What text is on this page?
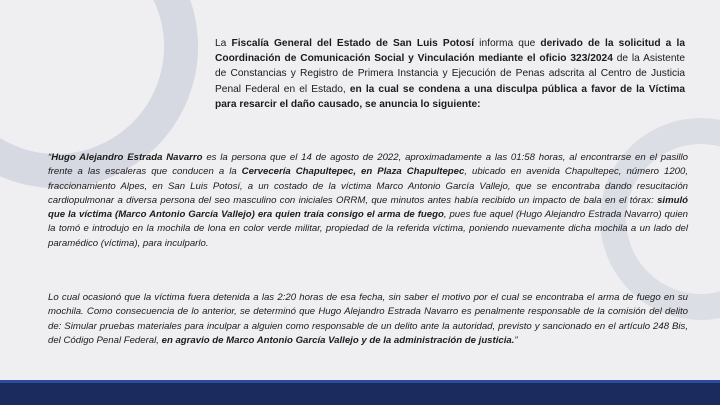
La Fiscalía General del Estado de San Luis Potosí informa que derivado de la solicitud a la Coordinación de Comunicación Social y Vinculación mediante el oficio 323/2024 de la Asistente de Constancias y Registro de Primera Instancia y Ejecución de Penas adscrita al Centro de Justicia Penal Federal en el Estado, en la cual se condena a una disculpa pública a favor de la Víctima para resarcir el daño causado, se anuncia lo siguiente:
“Hugo Alejandro Estrada Navarro es la persona que el 14 de agosto de 2022, aproximadamente a las 01:58 horas, al encontrarse en el pasillo frente a las escaleras que conducen a la Cervecería Chapultepec, en Plaza Chapultepec, ubicado en avenida Chapultepec, número 1200, fraccionamiento Alpes, en San Luis Potosí, a un costado de la víctima Marco Antonio García Vallejo, que se encontraba dando resucitación cardiopulmonar a diversa persona del seo masculino con iniciales ORRM, que minutos antes había recibido un impacto de bala en el tórax: simuló que la víctima (Marco Antonio García Vallejo) era quien traía consigo el arma de fuego, pues fue aquel (Hugo Alejandro Estrada Navarro) quien la tomó e introdujo en la mochila de lona en color verde militar, propiedad de la referida víctima, poniendo nuevamente dicha mochila a un lado del paramédico (víctima), para inculparlo.
Lo cual ocasionó que la víctima fuera detenida a las 2:20 horas de esa fecha, sin saber el motivo por el cual se encontraba el arma de fuego en su mochila. Como consecuencia de lo anterior, se determinó que Hugo Alejandro Estrada Navarro es penalmente responsable de la comisión del delito de: Simular pruebas materiales para inculpar a alguien como responsable de un delito ante la autoridad, previsto y sancionado en el artículo 248 Bis, del Código Penal Federal, en agravio de Marco Antonio García Vallejo y de la administración de justicia.”
